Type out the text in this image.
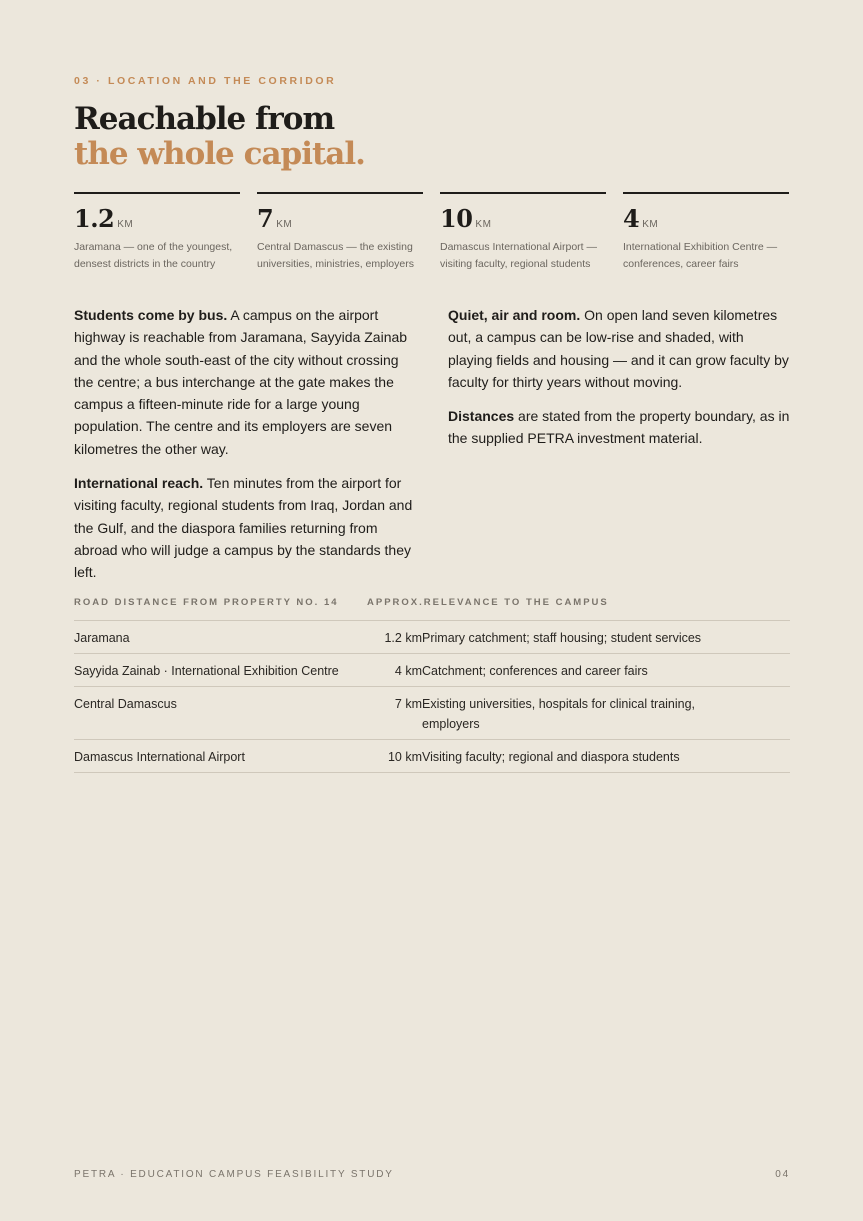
03 · LOCATION AND THE CORRIDOR
Reachable from
the whole capital.
1.2 KM
Jaramana — one of the youngest, densest districts in the country
7 KM
Central Damascus — the existing universities, ministries, employers
10 KM
Damascus International Airport — visiting faculty, regional students
4 KM
International Exhibition Centre — conferences, career fairs

Students come by bus. A campus on the airport highway is reachable from Jaramana, Sayyida Zainab and the whole south-east of the city without crossing the centre; a bus interchange at the gate makes the campus a fifteen-minute ride for a large young population. The centre and its employers are seven kilometres the other way.

International reach. Ten minutes from the airport for visiting faculty, regional students from Iraq, Jordan and the Gulf, and the diaspora families returning from abroad who will judge a campus by the standards they left.

Quiet, air and room. On open land seven kilometres out, a campus can be low-rise and shaded, with playing fields and housing — and it can grow faculty by faculty for thirty years without moving.

Distances are stated from the property boundary, as in the supplied PETRA investment material.

ROAD DISTANCE FROM PROPERTY NO. 14	APPROX.RELEVANCE TO THE CAMPUS
Jaramana	1.2 km Primary catchment; staff housing; student services
Sayyida Zainab · International Exhibition Centre	4 km Catchment; conferences and career fairs
Central Damascus	7 km Existing universities, hospitals for clinical training, employers
Damascus International Airport	10 km Visiting faculty; regional and diaspora students
PETRA · EDUCATION CAMPUS FEASIBILITY STUDY	04
